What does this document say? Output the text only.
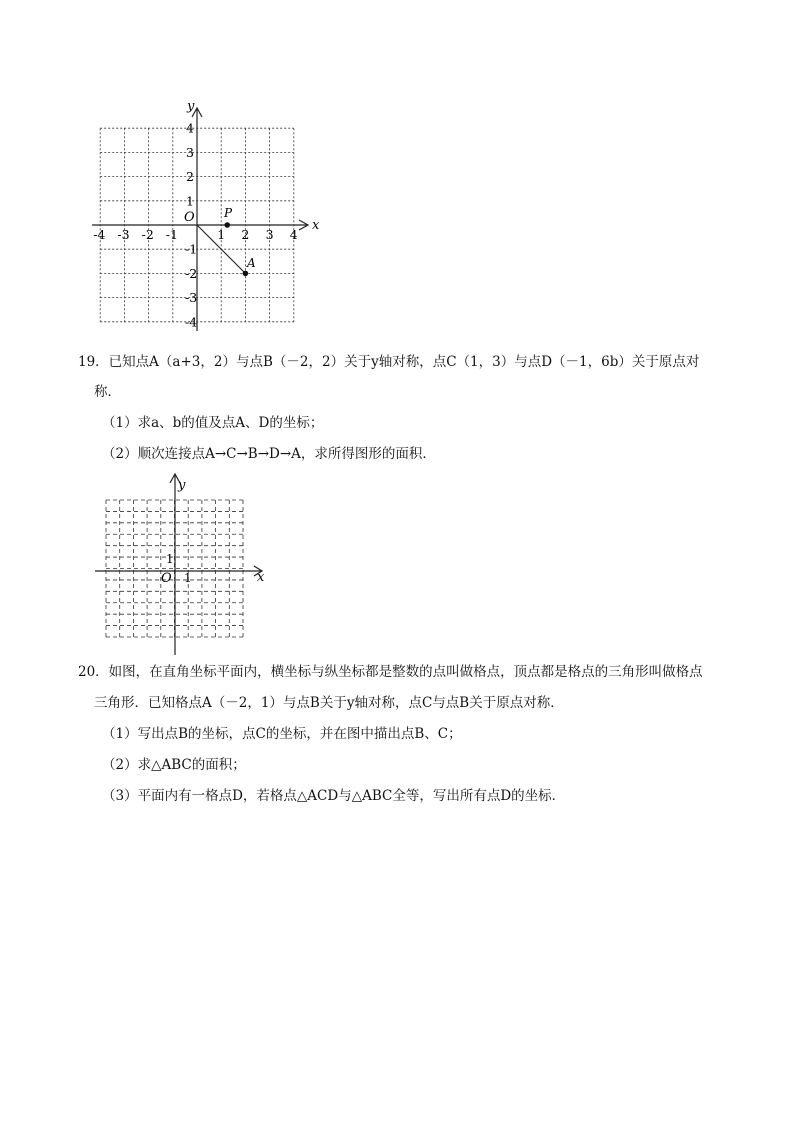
y
x
O
-4 -3 -2 -1	1 2 3 4
4
3
2
1
-1
-2
-3
-4
P
A
19．已知点A（a+3，2）与点B（－2，2）关于y轴对称，点C（1，3）与点D（－1，6b）关于原点对
称．
（1）求a、b的值及点A、D的坐标；
（2）顺次连接点A→C→B→D→A，求所得图形的面积．
y
x
O
1
1
20．如图，在直角坐标平面内，横坐标与纵坐标都是整数的点叫做格点，顶点都是格点的三角形叫做格点
三角形．已知格点A（－2，1）与点B关于y轴对称，点C与点B关于原点对称．
（1）写出点B的坐标，点C的坐标，并在图中描出点B、C；
（2）求△ABC的面积；
（3）平面内有一格点D，若格点△ACD与△ABC全等，写出所有点D的坐标．
